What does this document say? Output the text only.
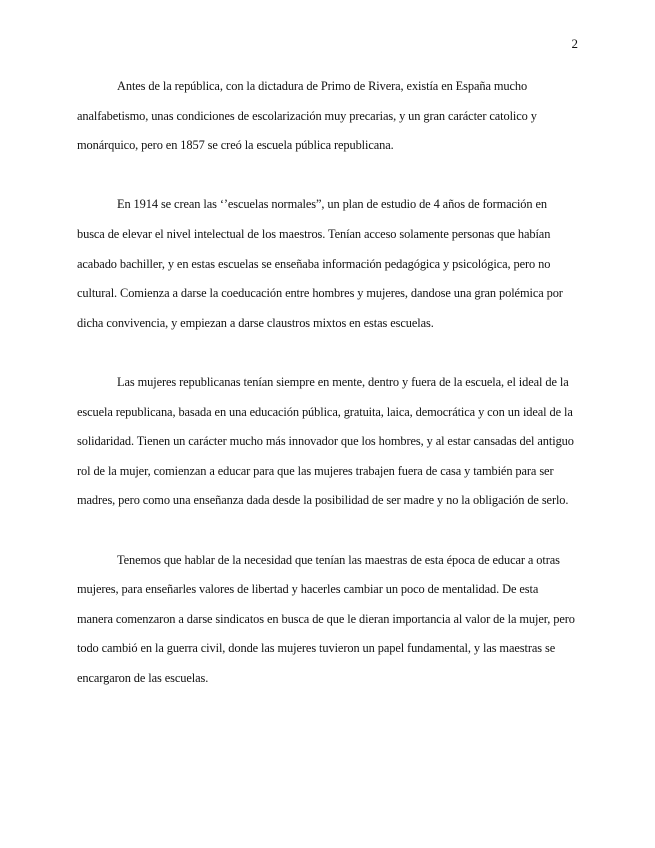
2

Antes de la república, con la dictadura de Primo de Rivera, existía en España mucho analfabetismo, unas condiciones de escolarización muy precarias, y un gran carácter catolico y monárquico, pero en 1857 se creó la escuela pública republicana.

En 1914 se crean las ‘’escuelas normales”, un plan de estudio de 4 años de formación en busca de elevar el nivel intelectual de los maestros. Tenían acceso solamente personas que habían acabado bachiller, y en estas escuelas se enseñaba información pedagógica y psicológica, pero no cultural. Comienza a darse la coeducación entre hombres y mujeres, dandose una gran polémica por dicha convivencia, y empiezan a darse claustros mixtos en estas escuelas.

Las mujeres republicanas tenían siempre en mente, dentro y fuera de la escuela, el ideal de la escuela republicana, basada en una educación pública, gratuita, laica, democrática y con un ideal de la solidaridad. Tienen un carácter mucho más innovador que los hombres, y al estar cansadas del antiguo rol de la mujer, comienzan a educar para que las mujeres trabajen fuera de casa y también para ser madres, pero como una enseñanza dada desde la posibilidad de ser madre y no la obligación de serlo.

Tenemos que hablar de la necesidad que tenían las maestras de esta época de educar a otras mujeres, para enseñarles valores de libertad y hacerles cambiar un poco de mentalidad. De esta manera comenzaron a darse sindicatos en busca de que le dieran importancia al valor de la mujer, pero todo cambió en la guerra civil, donde las mujeres tuvieron un papel fundamental, y las maestras se encargaron de las escuelas.
